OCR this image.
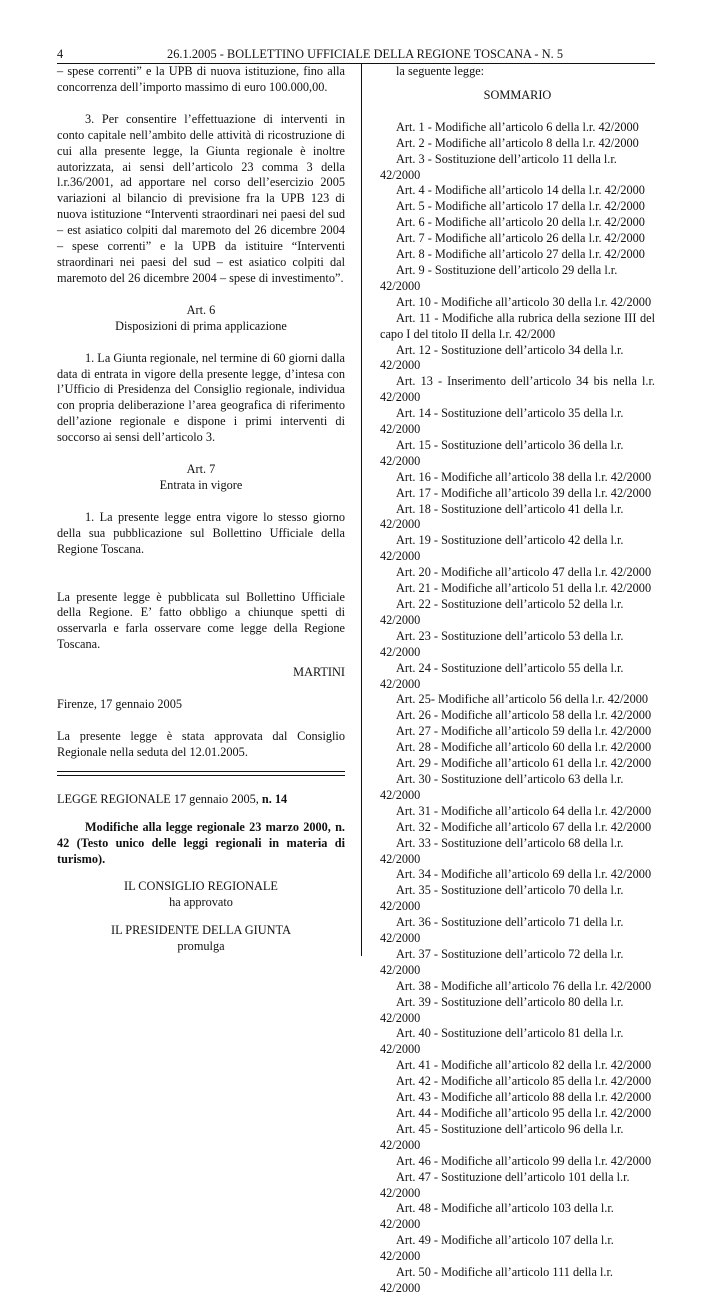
4	26.1.2005 - BOLLETTINO UFFICIALE DELLA REGIONE TOSCANA - N. 5

– spese correnti” e la UPB di nuova istituzione, fino alla concorrenza dell’importo massimo di euro 100.000,00.

3. Per consentire l’effettuazione di interventi in conto capitale nell’ambito delle attività di ricostruzione di cui alla presente legge, la Giunta regionale è inoltre autorizzata, ai sensi dell’articolo 23 comma 3 della l.r.36/2001, ad apportare nel corso dell’esercizio 2005 variazioni al bilancio di previsione fra la UPB 123 di nuova istituzione “Interventi straordinari nei paesi del sud – est asiatico colpiti dal maremoto del 26 dicembre 2004 – spese correnti” e la UPB da istituire “Interventi straordinari nei paesi del sud – est asiatico colpiti dal maremoto del 26 dicembre 2004 – spese di investimento”.

Art. 6

Disposizioni di prima applicazione

1. La Giunta regionale, nel termine di 60 giorni dalla data di entrata in vigore della presente legge, d’intesa con l’Ufficio di Presidenza del Consiglio regionale, individua con propria deliberazione l’area geografica di riferimento dell’azione regionale e dispone i primi interventi di soccorso ai sensi dell’articolo 3.

Art. 7

Entrata in vigore

1. La presente legge entra vigore lo stesso giorno della sua pubblicazione sul Bollettino Ufficiale della Regione Toscana.

La presente legge è pubblicata sul Bollettino Ufficiale della Regione. E’ fatto obbligo a chiunque spetti di osservarla e farla osservare come legge della Regione Toscana.

MARTINI

Firenze, 17 gennaio 2005

La presente legge è stata approvata dal Consiglio Regionale nella seduta del 12.01.2005.

LEGGE REGIONALE 17 gennaio 2005, n. 14

Modifiche alla legge regionale 23 marzo 2000, n. 42 (Testo unico delle leggi regionali in materia di turismo).

IL CONSIGLIO REGIONALE

ha approvato

IL PRESIDENTE DELLA GIUNTA

promulga

la seguente legge:

SOMMARIO

Art. 1 - Modifiche all’articolo 6 della l.r. 42/2000

Art. 2 - Modifiche all’articolo 8 della l.r. 42/2000

Art. 3 - Sostituzione dell’articolo 11 della l.r. 42/2000

Art. 4 - Modifiche all’articolo 14 della l.r. 42/2000

Art. 5 - Modifiche all’articolo 17 della l.r. 42/2000

Art. 6 - Modifiche all’articolo 20 della l.r. 42/2000

Art. 7 - Modifiche all’articolo 26 della l.r. 42/2000

Art. 8 - Modifiche all’articolo 27 della l.r. 42/2000

Art. 9 - Sostituzione dell’articolo 29 della l.r. 42/2000

Art. 10 - Modifiche all’articolo 30 della l.r. 42/2000

Art. 11 - Modifiche alla rubrica della sezione III del capo I del titolo II della l.r. 42/2000

Art. 12 - Sostituzione dell’articolo 34 della l.r. 42/2000

Art. 13 - Inserimento dell’articolo 34 bis nella l.r. 42/2000

Art. 14 - Sostituzione dell’articolo 35 della l.r. 42/2000

Art. 15 - Sostituzione dell’articolo 36 della l.r. 42/2000

Art. 16 - Modifiche all’articolo 38 della l.r. 42/2000

Art. 17 - Modifiche all’articolo 39 della l.r. 42/2000

Art. 18 - Sostituzione dell’articolo 41 della l.r. 42/2000

Art. 19 - Sostituzione dell’articolo 42 della l.r. 42/2000

Art. 20 - Modifiche all’articolo 47 della l.r. 42/2000

Art. 21 - Modifiche all’articolo 51 della l.r. 42/2000

Art. 22 - Sostituzione dell’articolo 52 della l.r. 42/2000

Art. 23 - Sostituzione dell’articolo 53 della l.r. 42/2000

Art. 24 - Sostituzione dell’articolo 55 della l.r. 42/2000

Art. 25- Modifiche all’articolo 56 della l.r. 42/2000

Art. 26 - Modifiche all’articolo 58 della l.r. 42/2000

Art. 27 - Modifiche all’articolo 59 della l.r. 42/2000

Art. 28 - Modifiche all’articolo 60 della l.r. 42/2000

Art. 29 - Modifiche all’articolo 61 della l.r. 42/2000

Art. 30 - Sostituzione dell’articolo 63 della l.r. 42/2000

Art. 31 - Modifiche all’articolo 64 della l.r. 42/2000

Art. 32 - Modifiche all’articolo 67 della l.r. 42/2000

Art. 33 - Sostituzione dell’articolo 68 della l.r. 42/2000

Art. 34 - Modifiche all’articolo 69 della l.r. 42/2000

Art. 35 - Sostituzione dell’articolo 70 della l.r. 42/2000

Art. 36 - Sostituzione dell’articolo 71 della l.r. 42/2000

Art. 37 - Sostituzione dell’articolo 72 della l.r. 42/2000

Art. 38 - Modifiche all’articolo 76 della l.r. 42/2000

Art. 39 - Sostituzione dell’articolo 80 della l.r. 42/2000

Art. 40 - Sostituzione dell’articolo 81 della l.r. 42/2000

Art. 41 - Modifiche all’articolo 82 della l.r. 42/2000

Art. 42 - Modifiche all’articolo 85 della l.r. 42/2000

Art. 43 - Modifiche all’articolo 88 della l.r. 42/2000

Art. 44 - Modifiche all’articolo 95 della l.r. 42/2000

Art. 45 - Sostituzione dell’articolo 96 della l.r. 42/2000

Art. 46 - Modifiche all’articolo 99 della l.r. 42/2000

Art. 47 - Sostituzione dell’articolo 101 della l.r. 42/2000

Art. 48 - Modifiche all’articolo 103 della l.r. 42/2000

Art. 49 - Modifiche all’articolo 107 della l.r. 42/2000

Art. 50 - Modifiche all’articolo 111 della l.r. 42/2000
